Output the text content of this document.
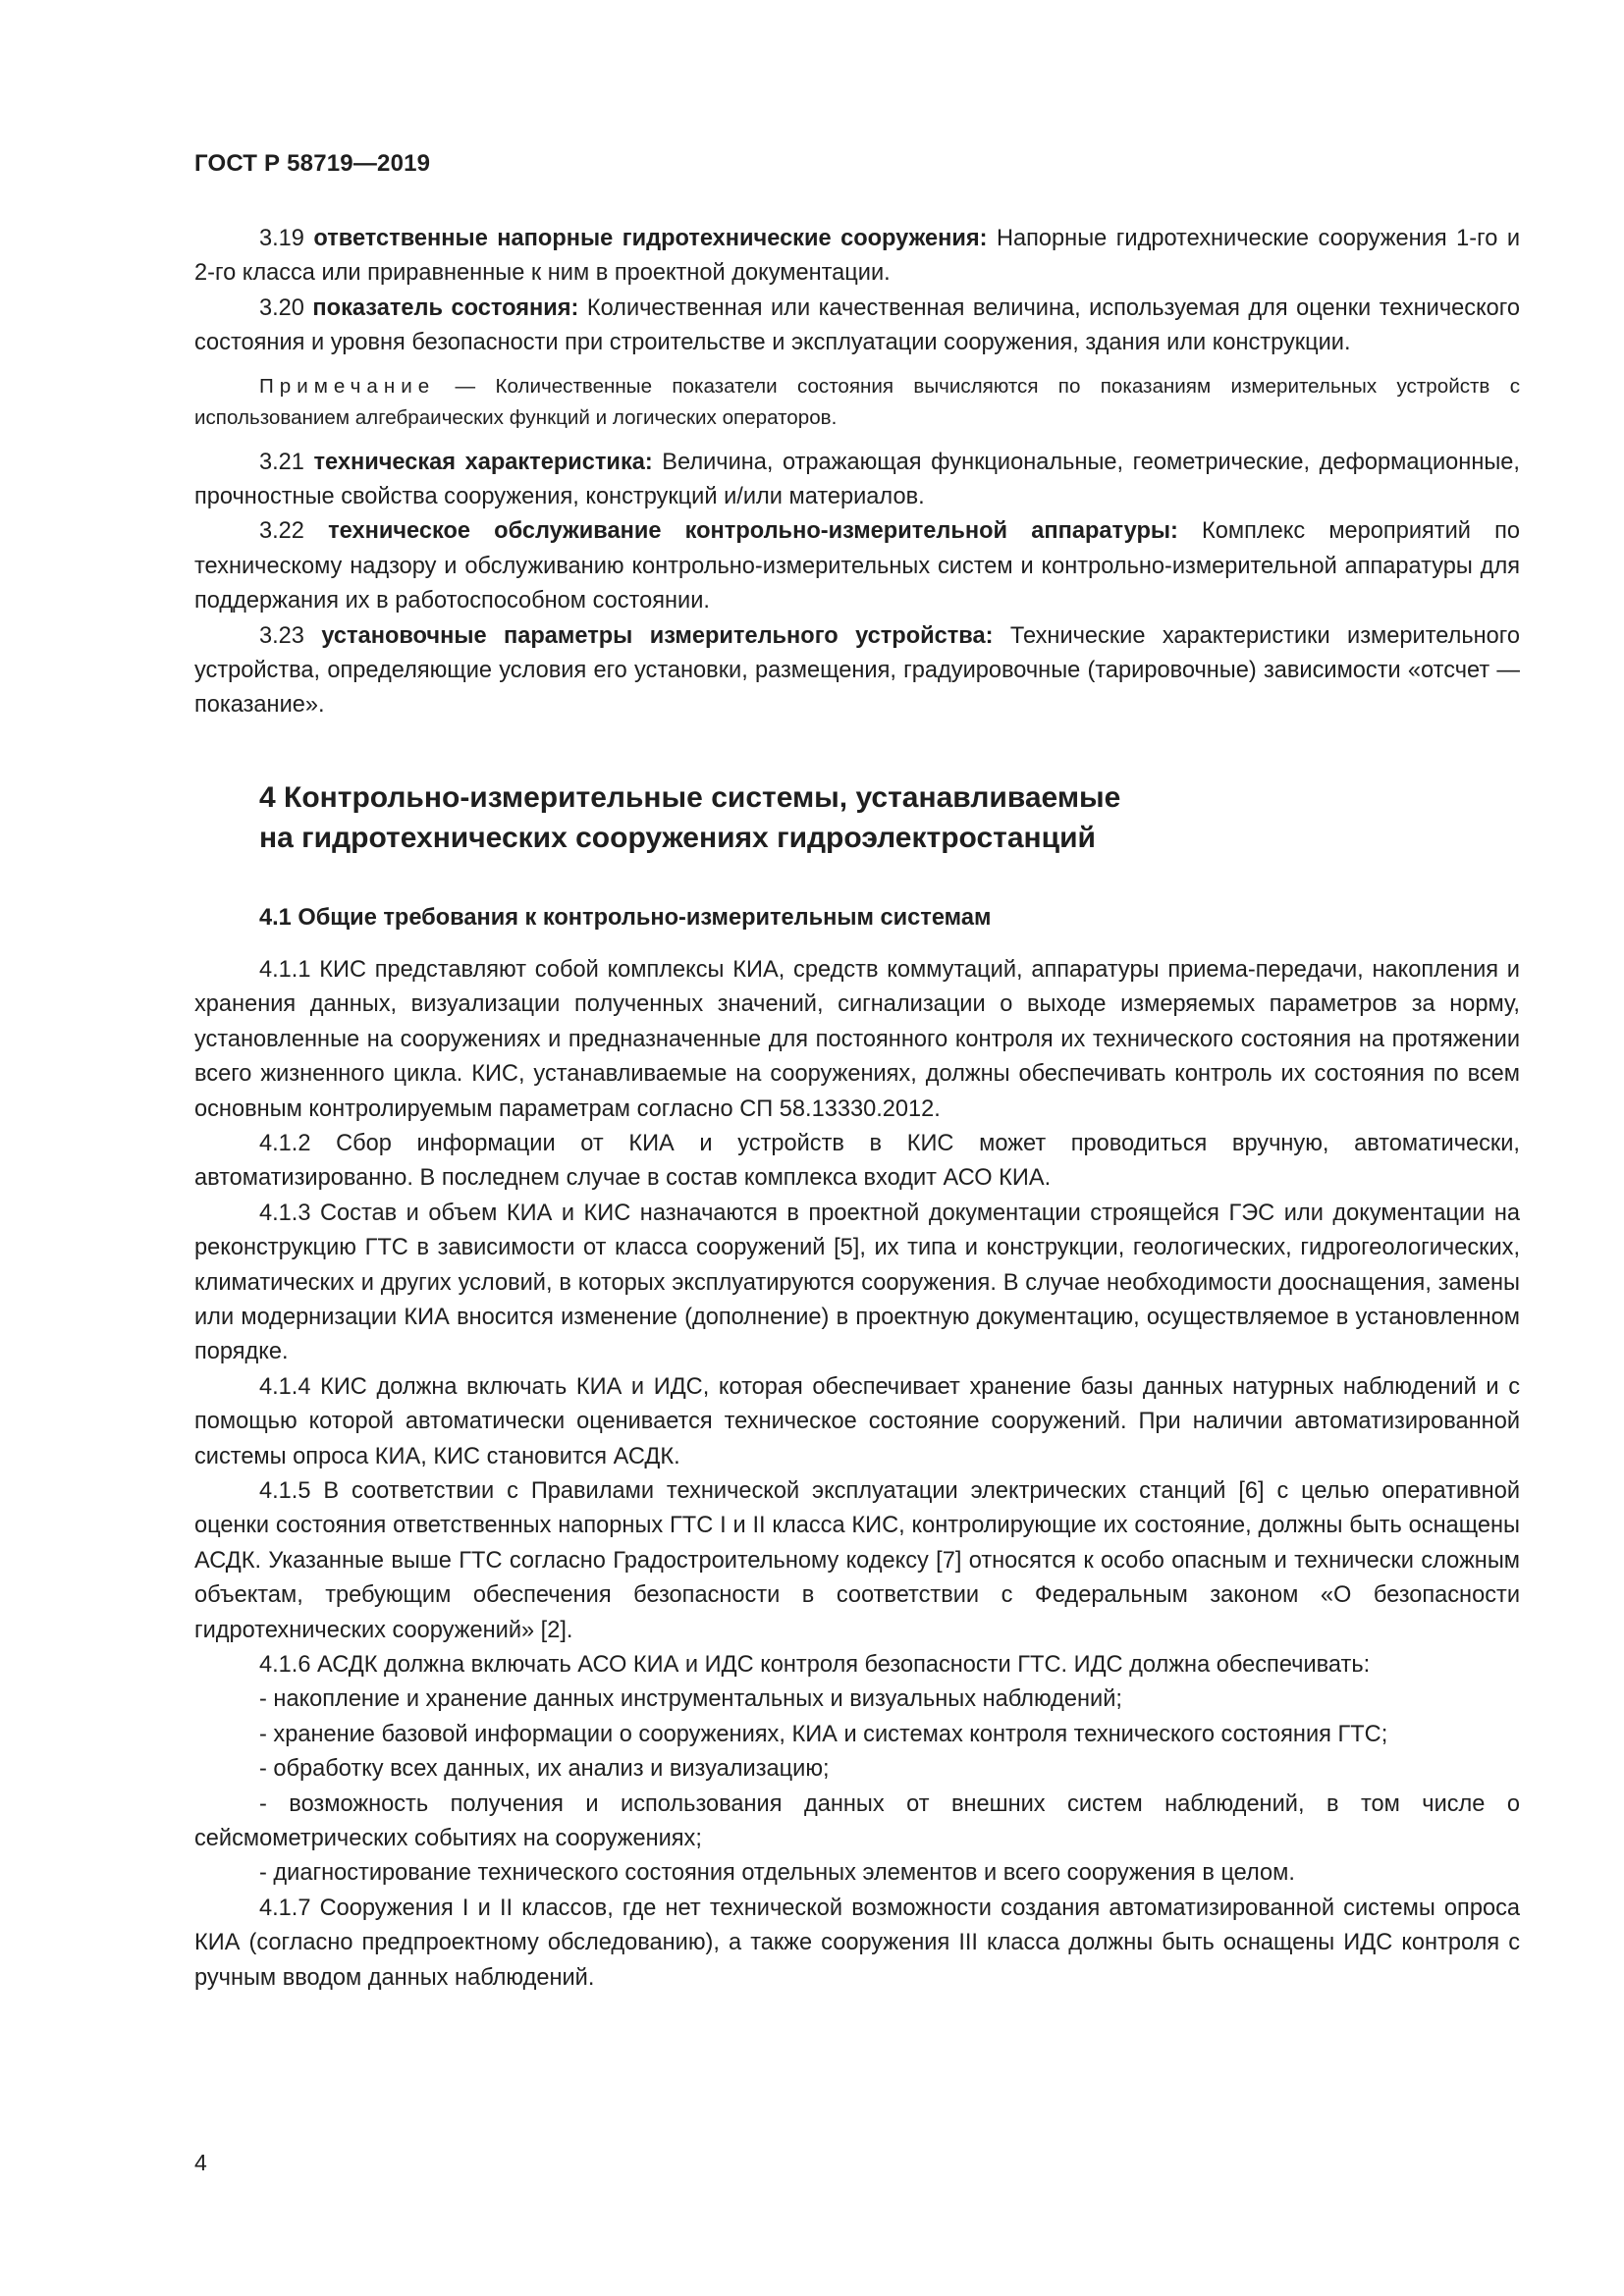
ГОСТ Р 58719—2019

3.19 ответственные напорные гидротехнические сооружения: Напорные гидротехнические сооружения 1-го и 2-го класса или приравненные к ним в проектной документации.

3.20 показатель состояния: Количественная или качественная величина, используемая для оценки технического состояния и уровня безопасности при строительстве и эксплуатации сооружения, здания или конструкции.

Примечание — Количественные показатели состояния вычисляются по показаниям измерительных устройств с использованием алгебраических функций и логических операторов.

3.21 техническая характеристика: Величина, отражающая функциональные, геометрические, деформационные, прочностные свойства сооружения, конструкций и/или материалов.

3.22 техническое обслуживание контрольно-измерительной аппаратуры: Комплекс мероприятий по техническому надзору и обслуживанию контрольно-измерительных систем и контрольно-измерительной аппаратуры для поддержания их в работоспособном состоянии.

3.23 установочные параметры измерительного устройства: Технические характеристики измерительного устройства, определяющие условия его установки, размещения, градуировочные (тарировочные) зависимости «отсчет — показание».

4 Контрольно-измерительные системы, устанавливаемые
на гидротехнических сооружениях гидроэлектростанций
4.1 Общие требования к контрольно-измерительным системам

4.1.1 КИС представляют собой комплексы КИА, средств коммутаций, аппаратуры приема-передачи, накопления и хранения данных, визуализации полученных значений, сигнализации о выходе измеряемых параметров за норму, установленные на сооружениях и предназначенные для постоянного контроля их технического состояния на протяжении всего жизненного цикла. КИС, устанавливаемые на сооружениях, должны обеспечивать контроль их состояния по всем основным контролируемым параметрам согласно СП 58.13330.2012.

4.1.2 Сбор информации от КИА и устройств в КИС может проводиться вручную, автоматически, автоматизированно. В последнем случае в состав комплекса входит АСО КИА.

4.1.3 Состав и объем КИА и КИС назначаются в проектной документации строящейся ГЭС или документации на реконструкцию ГТС в зависимости от класса сооружений [5], их типа и конструкции, геологических, гидрогеологических, климатических и других условий, в которых эксплуатируются сооружения. В случае необходимости дооснащения, замены или модернизации КИА вносится изменение (дополнение) в проектную документацию, осуществляемое в установленном порядке.

4.1.4 КИС должна включать КИА и ИДС, которая обеспечивает хранение базы данных натурных наблюдений и с помощью которой автоматически оценивается техническое состояние сооружений. При наличии автоматизированной системы опроса КИА, КИС становится АСДК.

4.1.5 В соответствии с Правилами технической эксплуатации электрических станций [6] с целью оперативной оценки состояния ответственных напорных ГТС I и II класса КИС, контролирующие их состояние, должны быть оснащены АСДК. Указанные выше ГТС согласно Градостроительному кодексу [7] относятся к особо опасным и технически сложным объектам, требующим обеспечения безопасности в соответствии с Федеральным законом «О безопасности гидротехнических сооружений» [2].

4.1.6 АСДК должна включать АСО КИА и ИДС контроля безопасности ГТС. ИДС должна обеспечивать:

- накопление и хранение данных инструментальных и визуальных наблюдений;

- хранение базовой информации о сооружениях, КИА и системах контроля технического состояния ГТС;

- обработку всех данных, их анализ и визуализацию;

- возможность получения и использования данных от внешних систем наблюдений, в том числе о сейсмометрических событиях на сооружениях;

- диагностирование технического состояния отдельных элементов и всего сооружения в целом.

4.1.7 Сооружения I и II классов, где нет технической возможности создания автоматизированной системы опроса КИА (согласно предпроектному обследованию), а также сооружения III класса должны быть оснащены ИДС контроля с ручным вводом данных наблюдений.

4
